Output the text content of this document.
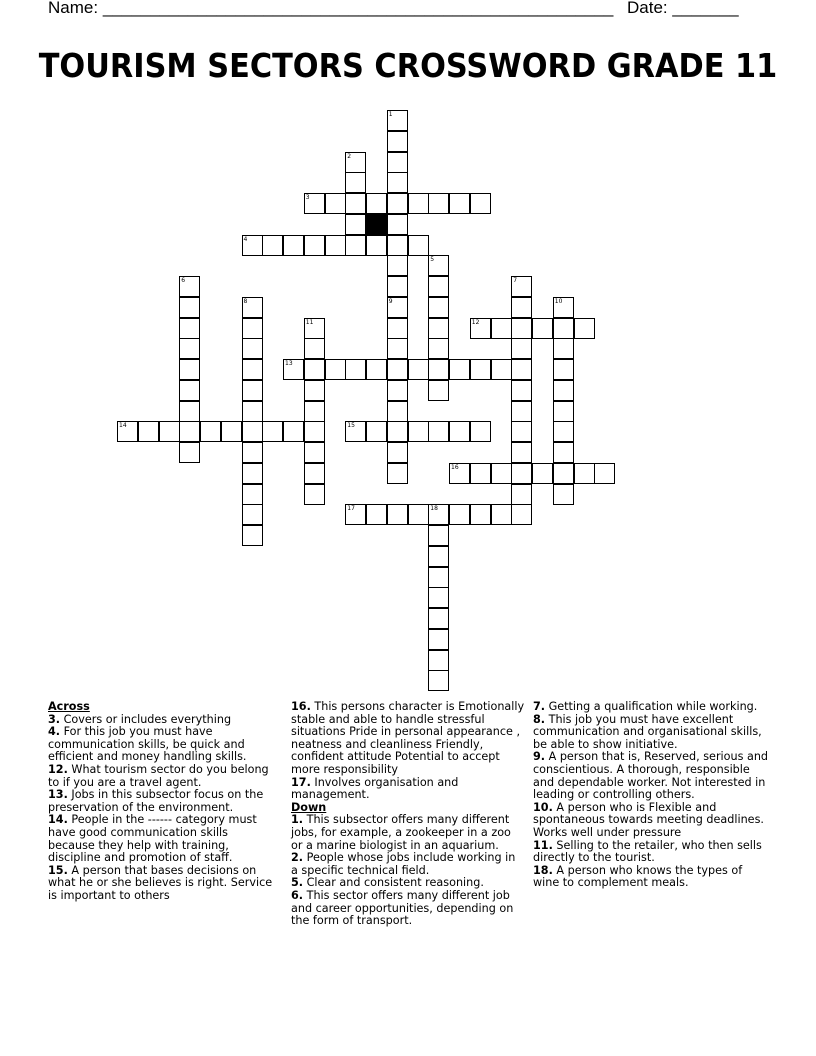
Name: ______________________________________________________ Date: _______
TOURISM SECTORS CROSSWORD GRADE 11
1
2
3
4
5
6	7
8	9	10
11	12
13
14	15
16
17	18
Across
3. Covers or includes everything
4. For this job you must have communication skills, be quick and efficient and money handling skills.
12. What tourism sector do you belong to if you are a travel agent.
13. Jobs in this subsector focus on the preservation of the environment.
14. People in the ------ category must have good communication skills because they help with training, discipline and promotion of staff.
15. A person that bases decisions on what he or she believes is right. Service is important to others
16. This persons character is Emotionally stable and able to handle stressful situations Pride in personal appearance , neatness and cleanliness Friendly, confident attitude Potential to accept more responsibility
17. Involves organisation and management.
Down
1. This subsector offers many different jobs, for example, a zookeeper in a zoo or a marine biologist in an aquarium.
2. People whose jobs include working in a specific technical field.
5. Clear and consistent reasoning.
6. This sector offers many different job and career opportunities, depending on the form of transport.
7. Getting a qualification while working.
8. This job you must have excellent communication and organisational skills, be able to show initiative.
9. A person that is, Reserved, serious and conscientious. A thorough, responsible and dependable worker. Not interested in leading or controlling others.
10. A person who is Flexible and spontaneous towards meeting deadlines. Works well under pressure
11. Selling to the retailer, who then sells directly to the tourist.
18. A person who knows the types of wine to complement meals.
